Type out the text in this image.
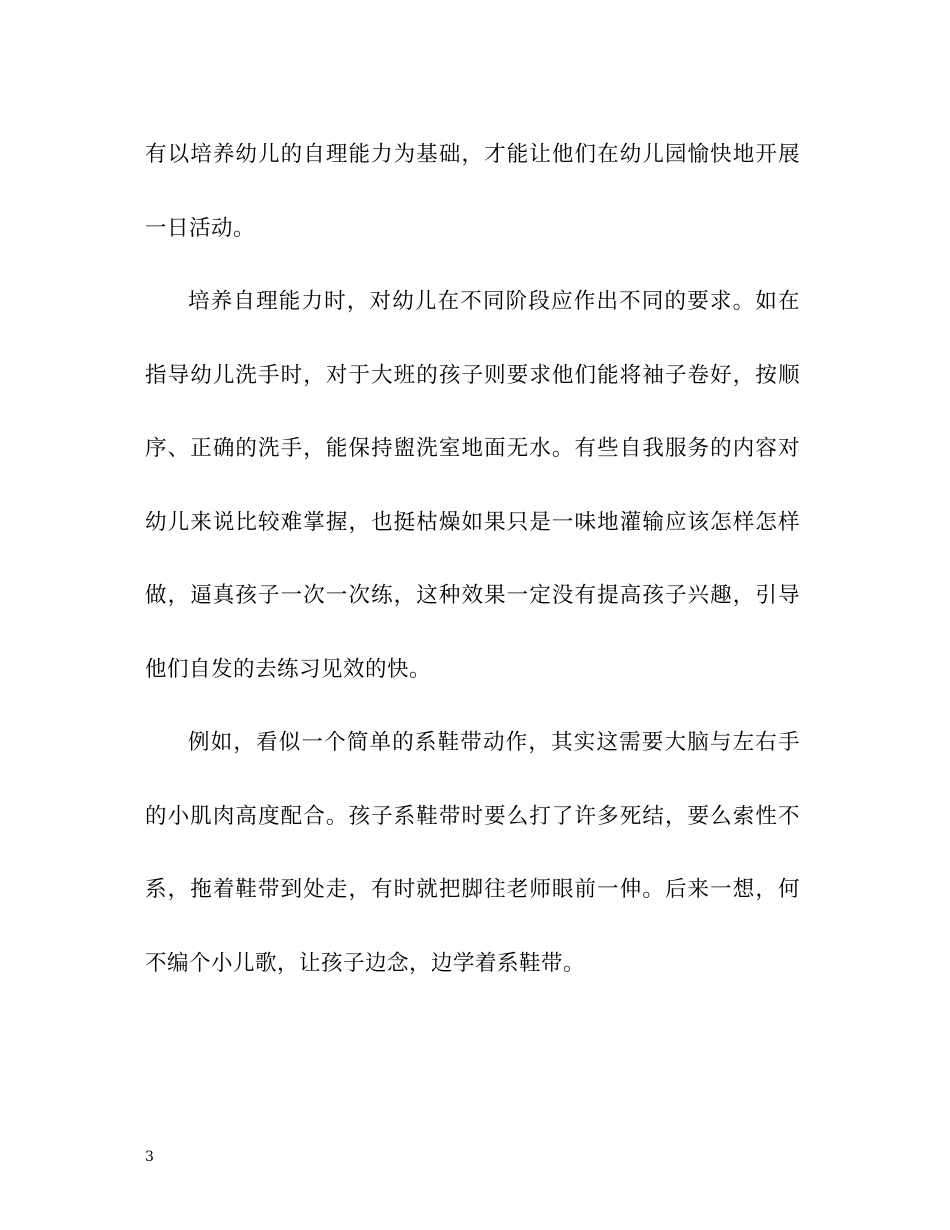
有以培养幼儿的自理能力为基础，才能让他们在幼儿园愉快地开展一日活动。

培养自理能力时，对幼儿在不同阶段应作出不同的要求。如在指导幼儿洗手时，对于大班的孩子则要求他们能将袖子卷好，按顺序、正确的洗手，能保持盥洗室地面无水。有些自我服务的内容对幼儿来说比较难掌握，也挺枯燥如果只是一味地灌输应该怎样怎样做，逼真孩子一次一次练，这种效果一定没有提高孩子兴趣，引导他们自发的去练习见效的快。

例如，看似一个简单的系鞋带动作，其实这需要大脑与左右手的小肌肉高度配合。孩子系鞋带时要么打了许多死结，要么索性不系，拖着鞋带到处走，有时就把脚往老师眼前一伸。后来一想，何不编个小儿歌，让孩子边念，边学着系鞋带。

3
